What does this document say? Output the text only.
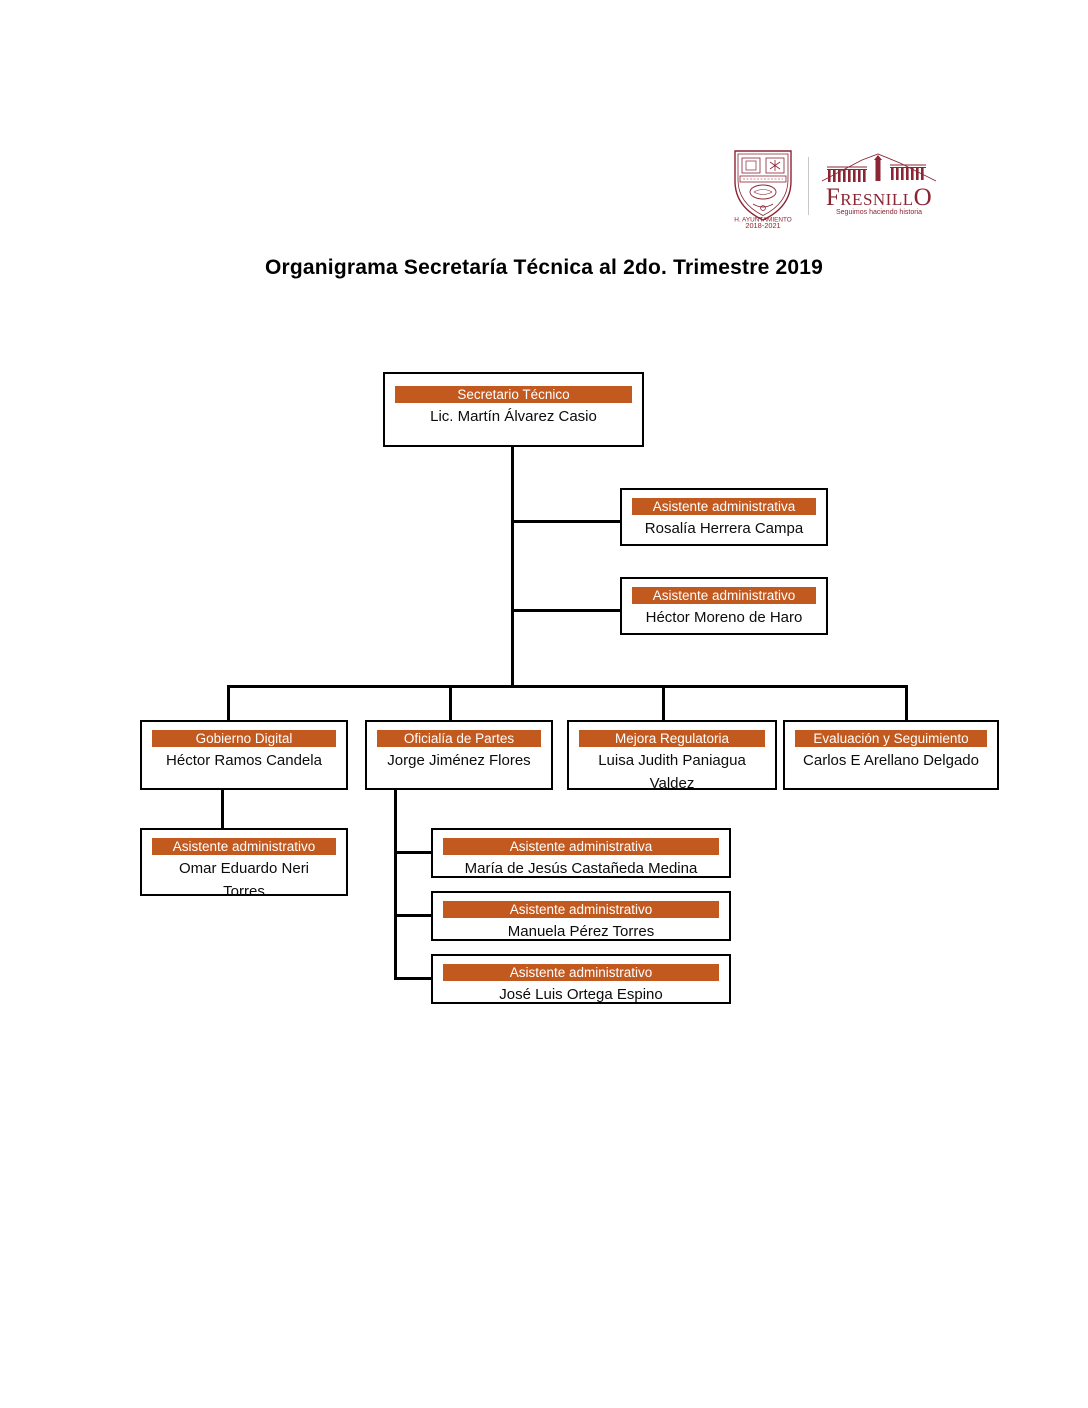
H. AYUNTAMIENTO
2018-2021
FRESNILLO
Seguimos haciendo historia
Organigrama Secretaría Técnica al 2do. Trimestre 2019
Secretario Técnico
Lic. Martín Álvarez Casio
Asistente administrativa
Rosalía Herrera Campa
Asistente administrativo
Héctor Moreno de Haro
Gobierno Digital
Héctor Ramos Candela
Oficialía de Partes
Jorge Jiménez Flores
Mejora Regulatoria
Luisa Judith Paniagua Valdez
Evaluación y Seguimiento
Carlos E Arellano Delgado
Asistente administrativo
Omar Eduardo Neri Torres
Asistente administrativa
María de Jesús Castañeda Medina
Asistente administrativo
Manuela Pérez Torres
Asistente administrativo
José Luis Ortega Espino
